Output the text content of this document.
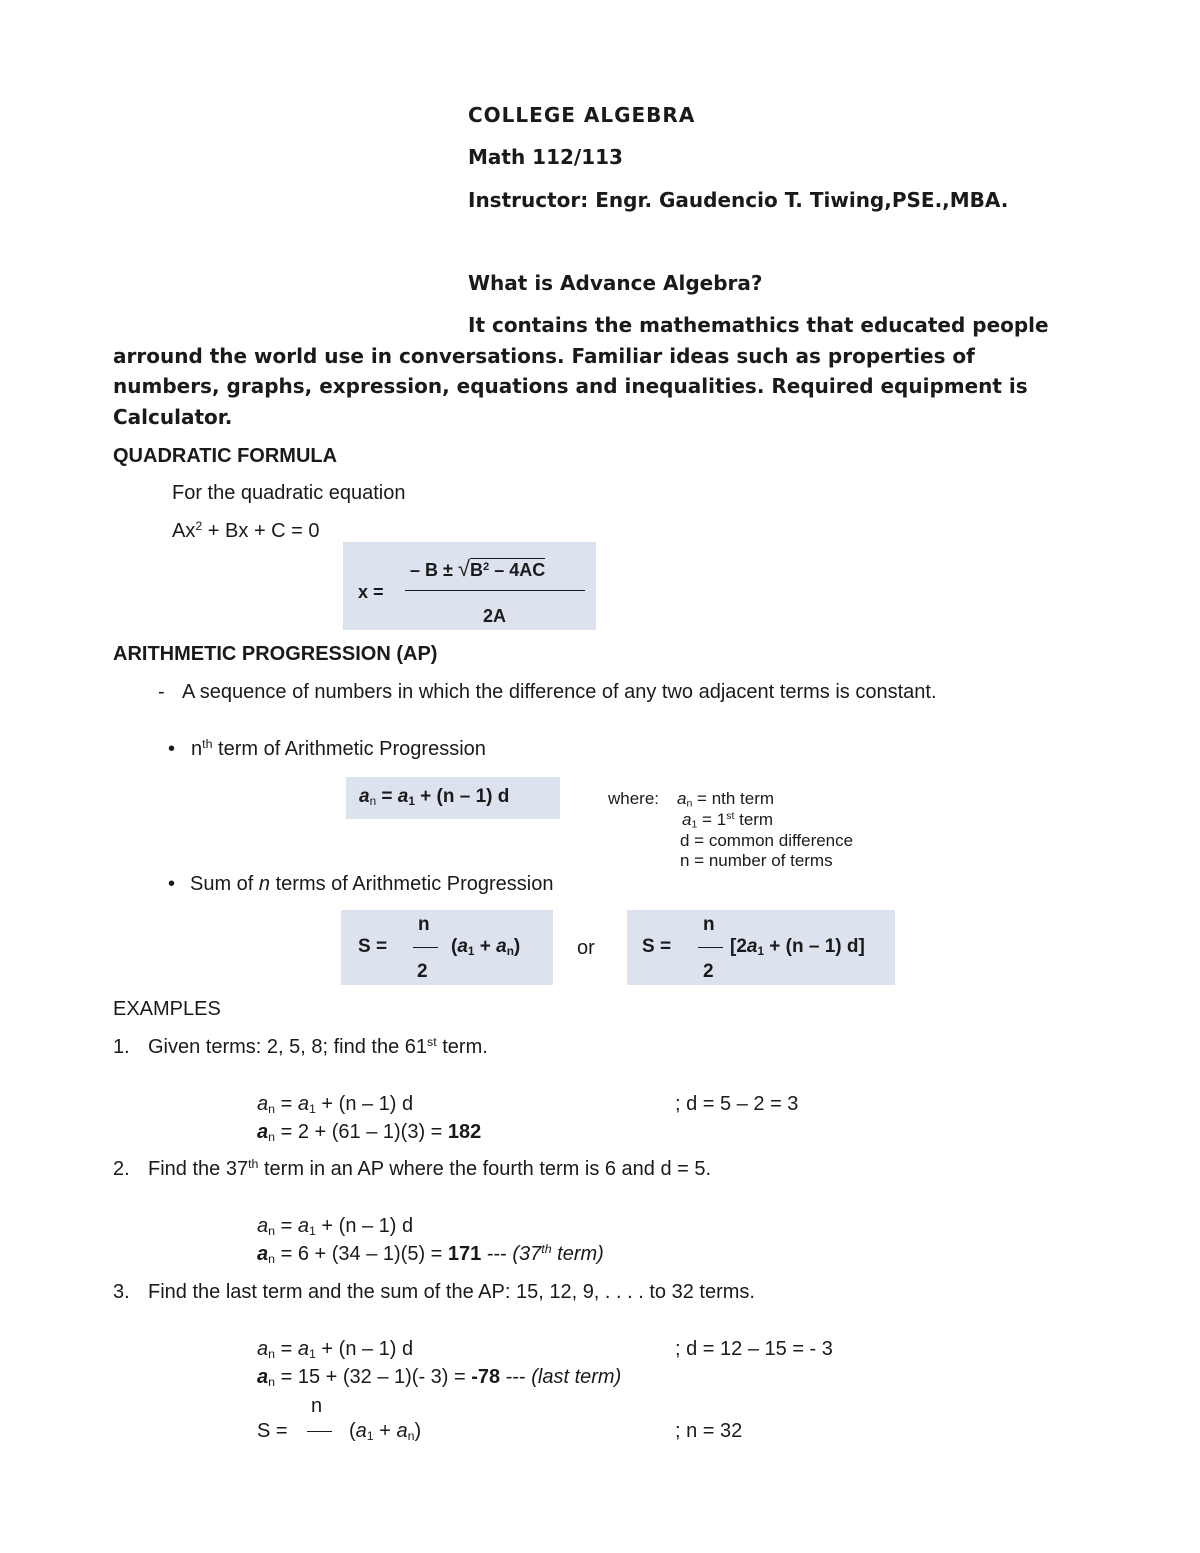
COLLEGE ALGEBRA
Math 112/113
Instructor: Engr. Gaudencio T. Tiwing,PSE.,MBA.
What is Advance Algebra?
It contains the mathemathics that educated people
arround the world use in conversations. Familiar ideas such as properties of
numbers, graphs, expression, equations and inequalities. Required equipment is
Calculator.
QUADRATIC FORMULA
For the quadratic equation
$Ax^2 + Bx + C = 0$
x =
– $B \pm √B^2 - 4AC$
2A
ARITHMETIC PROGRESSION (AP)
- A sequence of numbers in which the difference of any two adjacent terms is constant.
• $n^{th}$ term of Arithmetic Progression
$a_n = a_1 + (n - 1)$ d	where: $a_n$ = nth term
$a_1 = 1st$ term
d = common difference
n = number of terms
• Sum of n terms of Arithmetic Progression
S =
n
2
$(a_1 + a_n)$	or S =
n
2
[$2a_1 + (n - 1)$ d]
EXAMPLES
1. Given terms: 2, 5, 8; find the 61st term.
$a_n = a_1 + (n - 1)$ d	; d = 5 – 2 = 3
$a_n = 2 + (61 - 1)(3) = 182$
2. Find the 37th term in an AP where the fourth term is 6 and d = 5.
$a_n = a_1 + (n - 1)$ d
$a_n = 6 + (34 - 1)(5) = 171$ --- (37th term)
3. Find the last term and the sum of the AP: 15, 12, 9, . . . . to 32 terms.
$a_n = a_1 + (n - 1)$ d	; d = 12 – 15 = - 3
$a_n = 15 + (32 - 1)(-$ 3) = -78 --- (last term)
n
S =	$(a_1 + a_n)$	; n = 32
